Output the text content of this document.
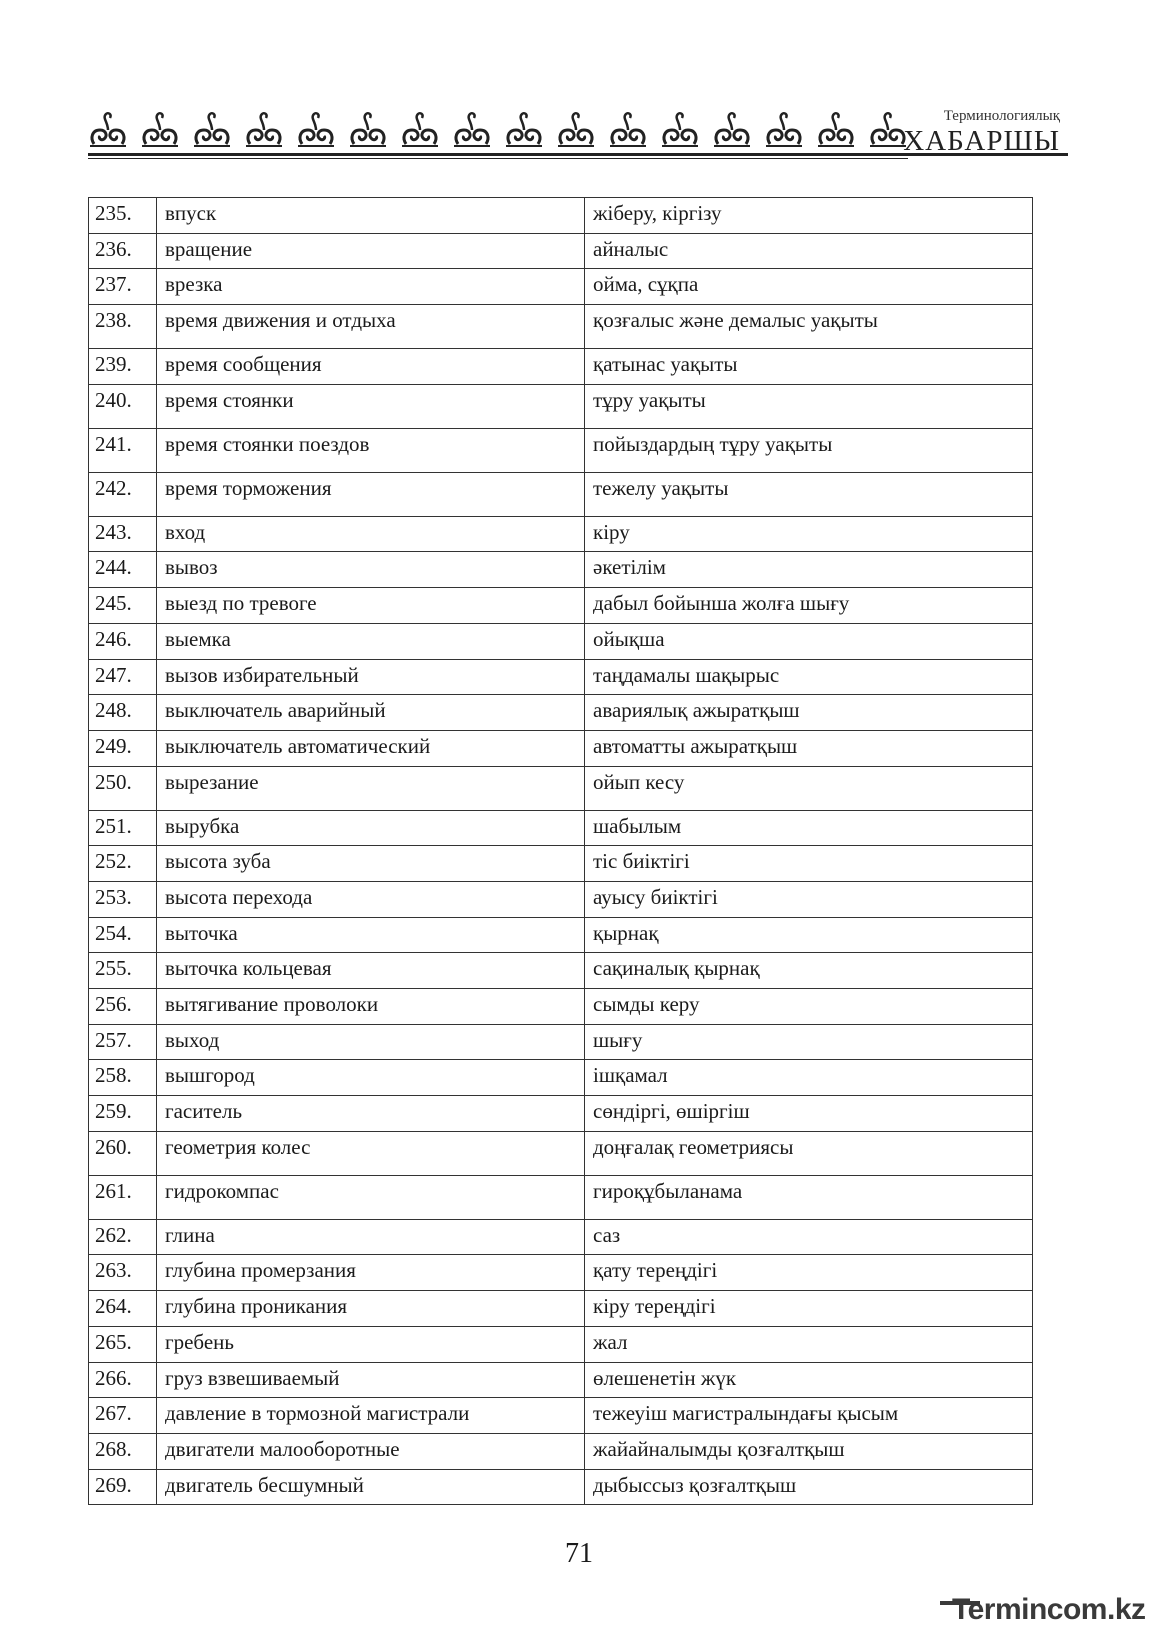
Терминологиялық
ХАБАРШЫ
235.	впуск	жіберу, кіргізу
236.	вращение	айналыс
237.	врезка	ойма, сұқпа
238.	время движения и отдыха	қозғалыс және демалыс уақыты
239.	время сообщения	қатынас уақыты
240.	время стоянки	тұру уақыты
241.	время стоянки поездов	пойыздардың тұру уақыты
242.	время торможения	тежелу уақыты
243.	вход	кіру
244.	вывоз	әкетілім
245.	выезд по тревоге	дабыл бойынша жолға шығу
246.	выемка	ойықша
247.	вызов избирательный	таңдамалы шақырыс
248.	выключатель аварийный	авариялық ажыратқыш
249.	выключатель автоматический	автоматты ажыратқыш
250.	вырезание	ойып кесу
251.	вырубка	шабылым
252.	высота зуба	тіс биіктігі
253.	высота перехода	ауысу биіктігі
254.	выточка	қырнақ
255.	выточка кольцевая	сақиналық қырнақ
256.	вытягивание проволоки	сымды керу
257.	выход	шығу
258.	вышгород	ішқамал
259.	гаситель	сөндіргі, өшіргіш
260.	геометрия колес	доңғалақ геометриясы
261.	гидрокомпас	гироқұбыланама
262.	глина	саз
263.	глубина промерзания	қату тереңдігі
264.	глубина проникания	кіру тереңдігі
265.	гребень	жал
266.	груз взвешиваемый	өлешенетін жүк
267.	давление в тормозной магистрали	тежеуіш магистралындағы қысым
268.	двигатели малооборотные	жайайналымды қозғалтқыш
269.	двигатель бесшумный	дыбыссыз қозғалтқыш
71
Termincom.kz
